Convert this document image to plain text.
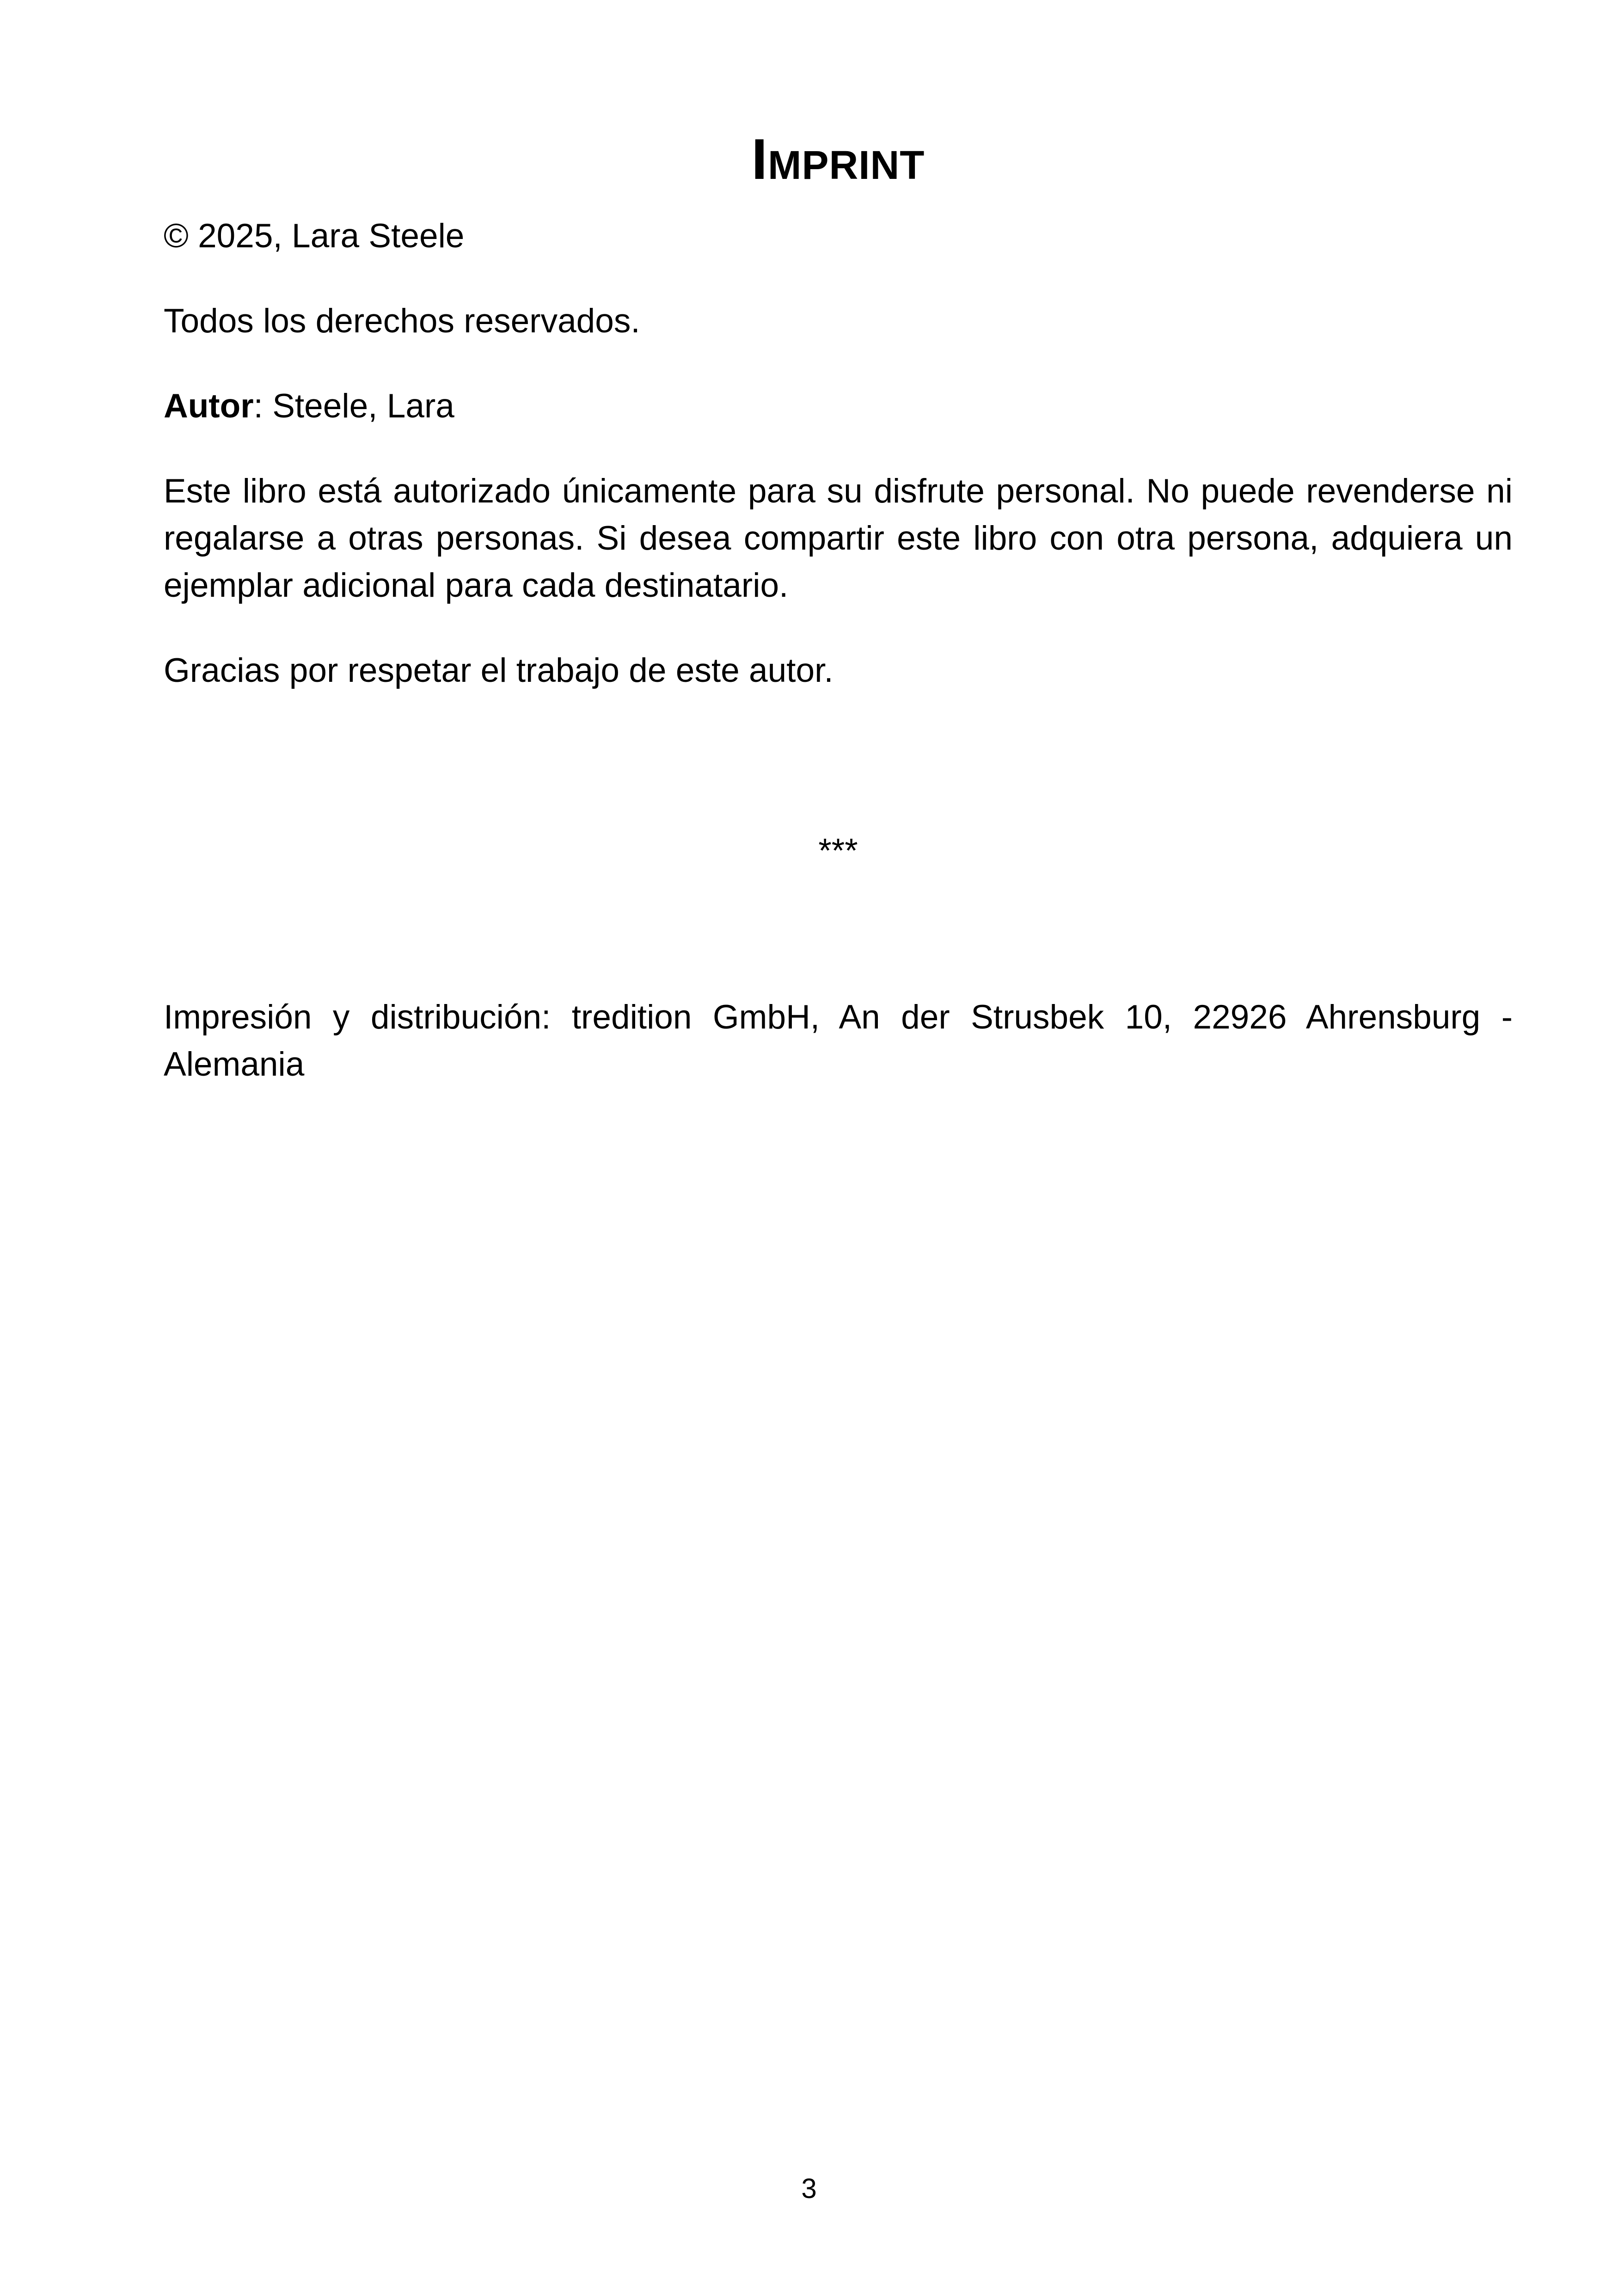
Imprint

© 2025, Lara Steele

Todos los derechos reservados.

Autor: Steele, Lara

Este libro está autorizado únicamente para su disfrute personal. No puede revenderse ni regalarse a otras personas. Si desea compartir este libro con otra persona, adquiera un ejemplar adicional para cada destinatario.

Gracias por respetar el trabajo de este autor.

***

Impresión y distribución: tredition GmbH, An der Strusbek 10, 22926 Ahrensburg - Alemania

3
